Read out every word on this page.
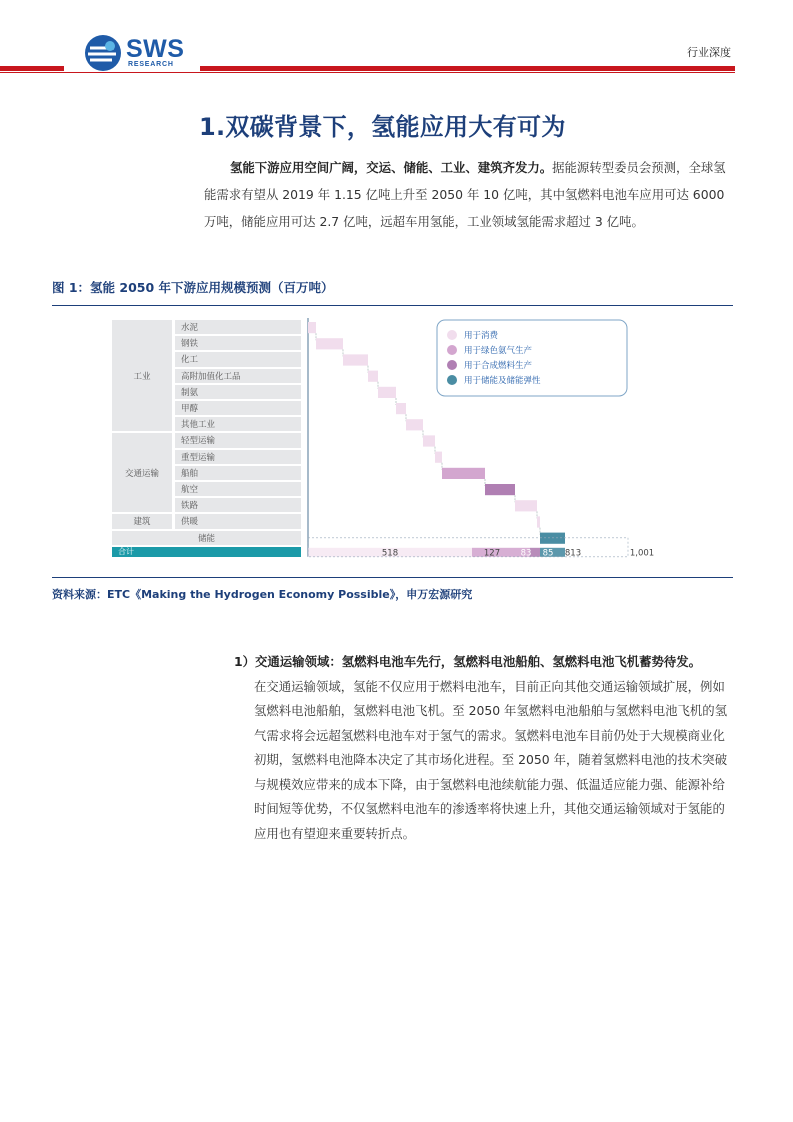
SWS
RESEARCH
行业深度
1.双碳背景下，氢能应用大有可为

氢能下游应用空间广阔，交运、储能、工业、建筑齐发力。据能源转型委员会预测，全球氢能需求有望从 2019 年 1.15 亿吨上升至 2050 年 10 亿吨，其中氢燃料电池车应用可达 6000 万吨，储能应用可达 2.7 亿吨，远超车用氢能，工业领域氢能需求超过 3 亿吨。

图 1：氢能 2050 年下游应用规模预测（百万吨）
518	127 83 85 813	1,001
用于消费
用于绿色氨气生产
用于合成燃料生产
用于储能及储能弹性
工业
水泥
钢铁
化工
高附加值化工品
制氨
甲醇
其他工业
交通运输
轻型运输
重型运输
船舶
航空
铁路
建筑	供暖
储能
合计
资料来源：ETC《Making the Hydrogen Economy Possible》，申万宏源研究

1）交通运输领域：氢燃料电池车先行，氢燃料电池船舶、氢燃料电池飞机蓄势待发。

在交通运输领域，氢能不仅应用于燃料电池车，目前正向其他交通运输领域扩展，例如氢燃料电池船舶，氢燃料电池飞机。至 2050 年氢燃料电池船舶与氢燃料电池飞机的氢气需求将会远超氢燃料电池车对于氢气的需求。氢燃料电池车目前仍处于大规模商业化初期，氢燃料电池降本决定了其市场化进程。至 2050 年，随着氢燃料电池的技术突破与规模效应带来的成本下降，由于氢燃料电池续航能力强、低温适应能力强、能源补给时间短等优势，不仅氢燃料电池车的渗透率将快速上升，其他交通运输领域对于氢能的应用也有望迎来重要转折点。
